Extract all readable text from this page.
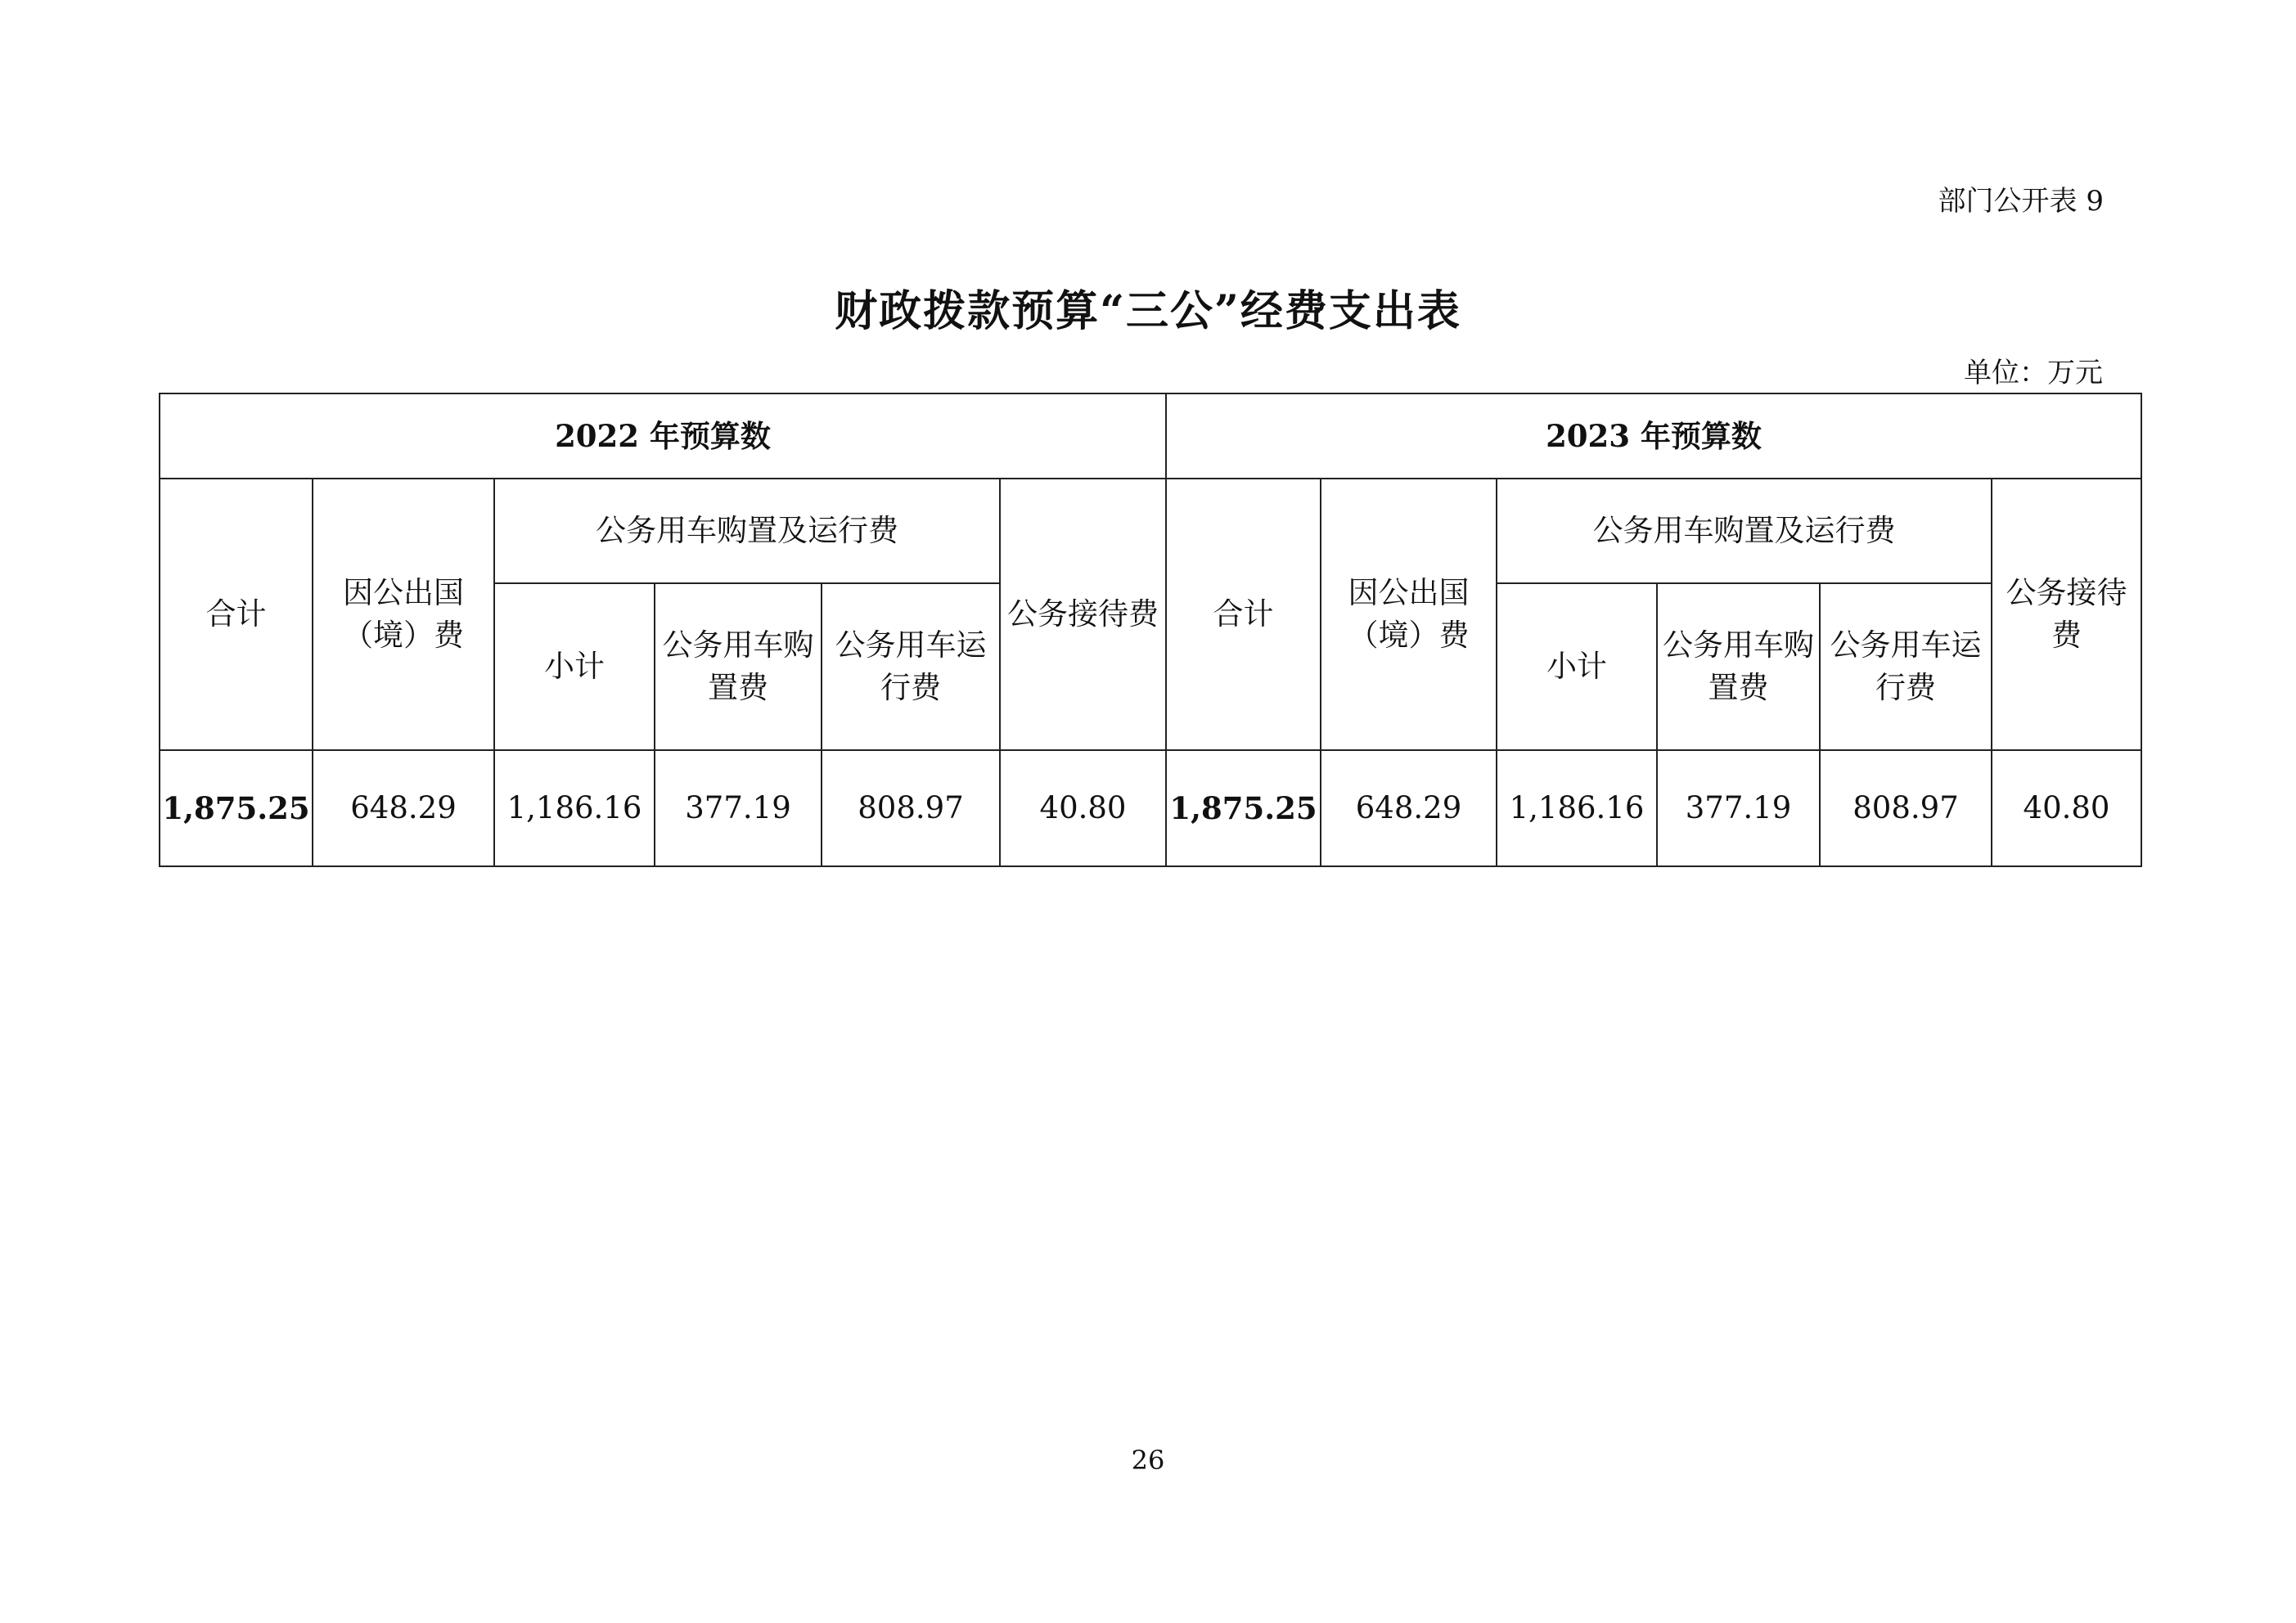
部门公开表 9
财政拨款预算“三公”经费支出表
单位：万元
2022 年预算数						2023 年预算数					
合计	因公出国（境）费	公务用车购置及运行费			公务接待费	合计	因公出国（境）费	公务用车购置及运行费			公务接待费
		小计	公务用车购置费	公务用车运行费				小计	公务用车购置费	公务用车运行费	
1,875.25	648.29	1,186.16	377.19	808.97	40.80	1,875.25	648.29	1,186.16	377.19	808.97	40.80
26
